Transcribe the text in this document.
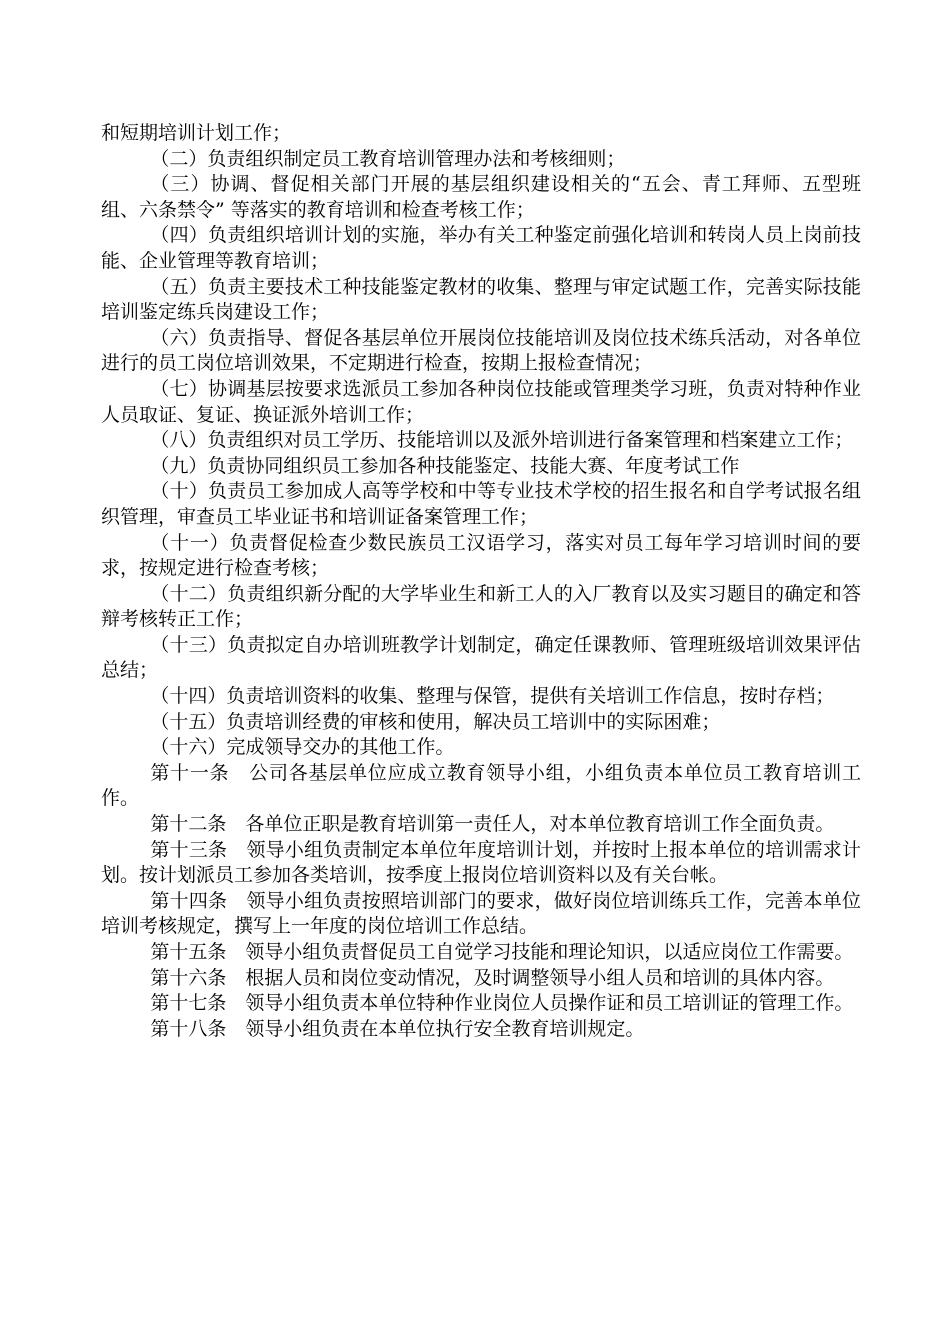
和短期培训计划工作；

（二）负责组织制定员工教育培训管理办法和考核细则；

（三）协调、督促相关部门开展的基层组织建设相关的“五会、青工拜师、五型班组、六条禁令” 等落实的教育培训和检查考核工作；

（四）负责组织培训计划的实施，举办有关工种鉴定前强化培训和转岗人员上岗前技能、企业管理等教育培训；

（五）负责主要技术工种技能鉴定教材的收集、整理与审定试题工作，完善实际技能培训鉴定练兵岗建设工作；

（六）负责指导、督促各基层单位开展岗位技能培训及岗位技术练兵活动，对各单位进行的员工岗位培训效果，不定期进行检查，按期上报检查情况；

（七）协调基层按要求选派员工参加各种岗位技能或管理类学习班，负责对特种作业人员取证、复证、换证派外培训工作；

（八）负责组织对员工学历、技能培训以及派外培训进行备案管理和档案建立工作；

（九）负责协同组织员工参加各种技能鉴定、技能大赛、年度考试工作

（十）负责员工参加成人高等学校和中等专业技术学校的招生报名和自学考试报名组织管理，审查员工毕业证书和培训证备案管理工作；

（十一）负责督促检查少数民族员工汉语学习，落实对员工每年学习培训时间的要求，按规定进行检查考核；

（十二）负责组织新分配的大学毕业生和新工人的入厂教育以及实习题目的确定和答辩考核转正工作；

（十三）负责拟定自办培训班教学计划制定，确定任课教师、管理班级培训效果评估总结；

（十四）负责培训资料的收集、整理与保管，提供有关培训工作信息，按时存档；

（十五）负责培训经费的审核和使用，解决员工培训中的实际困难；

（十六）完成领导交办的其他工作。

第十一条　公司各基层单位应成立教育领导小组，小组负责本单位员工教育培训工作。

第十二条　各单位正职是教育培训第一责任人，对本单位教育培训工作全面负责。

第十三条　领导小组负责制定本单位年度培训计划，并按时上报本单位的培训需求计划。按计划派员工参加各类培训，按季度上报岗位培训资料以及有关台帐。

第十四条　领导小组负责按照培训部门的要求，做好岗位培训练兵工作，完善本单位培训考核规定，撰写上一年度的岗位培训工作总结。

第十五条　领导小组负责督促员工自觉学习技能和理论知识，以适应岗位工作需要。

第十六条　根据人员和岗位变动情况，及时调整领导小组人员和培训的具体内容。

第十七条　领导小组负责本单位特种作业岗位人员操作证和员工培训证的管理工作。

第十八条　领导小组负责在本单位执行安全教育培训规定。
